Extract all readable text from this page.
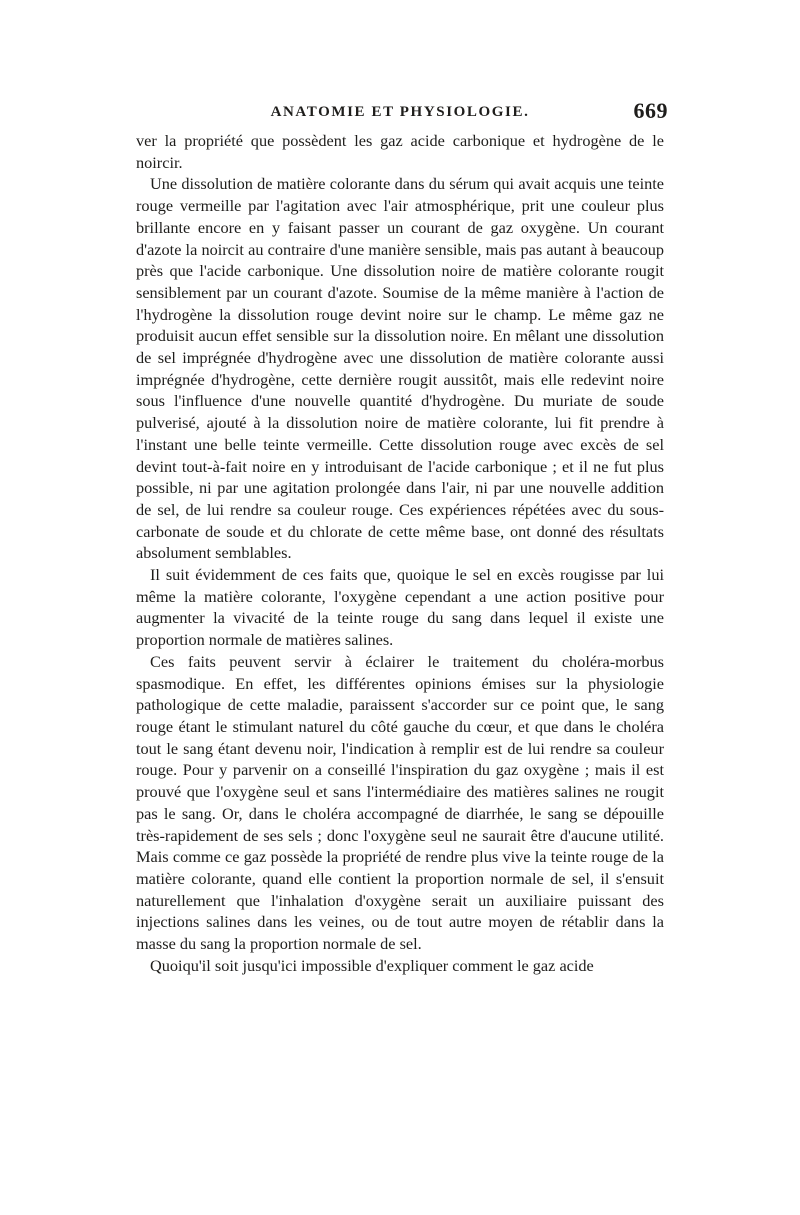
ANATOMIE ET PHYSIOLOGIE.	669

ver la propriété que possèdent les gaz acide carbonique et hydrogène de le noircir.

Une dissolution de matière colorante dans du sérum qui avait acquis une teinte rouge vermeille par l'agitation avec l'air atmosphérique, prit une couleur plus brillante encore en y faisant passer un courant de gaz oxygène. Un courant d'azote la noircit au contraire d'une manière sensible, mais pas autant à beaucoup près que l'acide carbonique. Une dissolution noire de matière colorante rougit sensiblement par un courant d'azote. Soumise de la même manière à l'action de l'hydrogène la dissolution rouge devint noire sur le champ. Le même gaz ne produisit aucun effet sensible sur la dissolution noire. En mêlant une dissolution de sel imprégnée d'hydrogène avec une dissolution de matière colorante aussi imprégnée d'hydrogène, cette dernière rougit aussitôt, mais elle redevint noire sous l'influence d'une nouvelle quantité d'hydrogène. Du muriate de soude pulverisé, ajouté à la dissolution noire de matière colorante, lui fit prendre à l'instant une belle teinte vermeille. Cette dissolution rouge avec excès de sel devint tout-à-fait noire en y introduisant de l'acide carbonique ; et il ne fut plus possible, ni par une agitation prolongée dans l'air, ni par une nouvelle addition de sel, de lui rendre sa couleur rouge. Ces expériences répétées avec du sous-carbonate de soude et du chlorate de cette même base, ont donné des résultats absolument semblables.

Il suit évidemment de ces faits que, quoique le sel en excès rougisse par lui même la matière colorante, l'oxygène cependant a une action positive pour augmenter la vivacité de la teinte rouge du sang dans lequel il existe une proportion normale de matières salines.

Ces faits peuvent servir à éclairer le traitement du choléra-morbus spasmodique. En effet, les différentes opinions émises sur la physiologie pathologique de cette maladie, paraissent s'accorder sur ce point que, le sang rouge étant le stimulant naturel du côté gauche du cœur, et que dans le choléra tout le sang étant devenu noir, l'indication à remplir est de lui rendre sa couleur rouge. Pour y parvenir on a conseillé l'inspiration du gaz oxygène ; mais il est prouvé que l'oxygène seul et sans l'intermédiaire des matières salines ne rougit pas le sang. Or, dans le choléra accompagné de diarrhée, le sang se dépouille très-rapidement de ses sels ; donc l'oxygène seul ne saurait être d'aucune utilité. Mais comme ce gaz possède la propriété de rendre plus vive la teinte rouge de la matière colorante, quand elle contient la proportion normale de sel, il s'ensuit naturellement que l'inhalation d'oxygène serait un auxiliaire puissant des injections salines dans les veines, ou de tout autre moyen de rétablir dans la masse du sang la proportion normale de sel.

Quoiqu'il soit jusqu'ici impossible d'expliquer comment le gaz acide
